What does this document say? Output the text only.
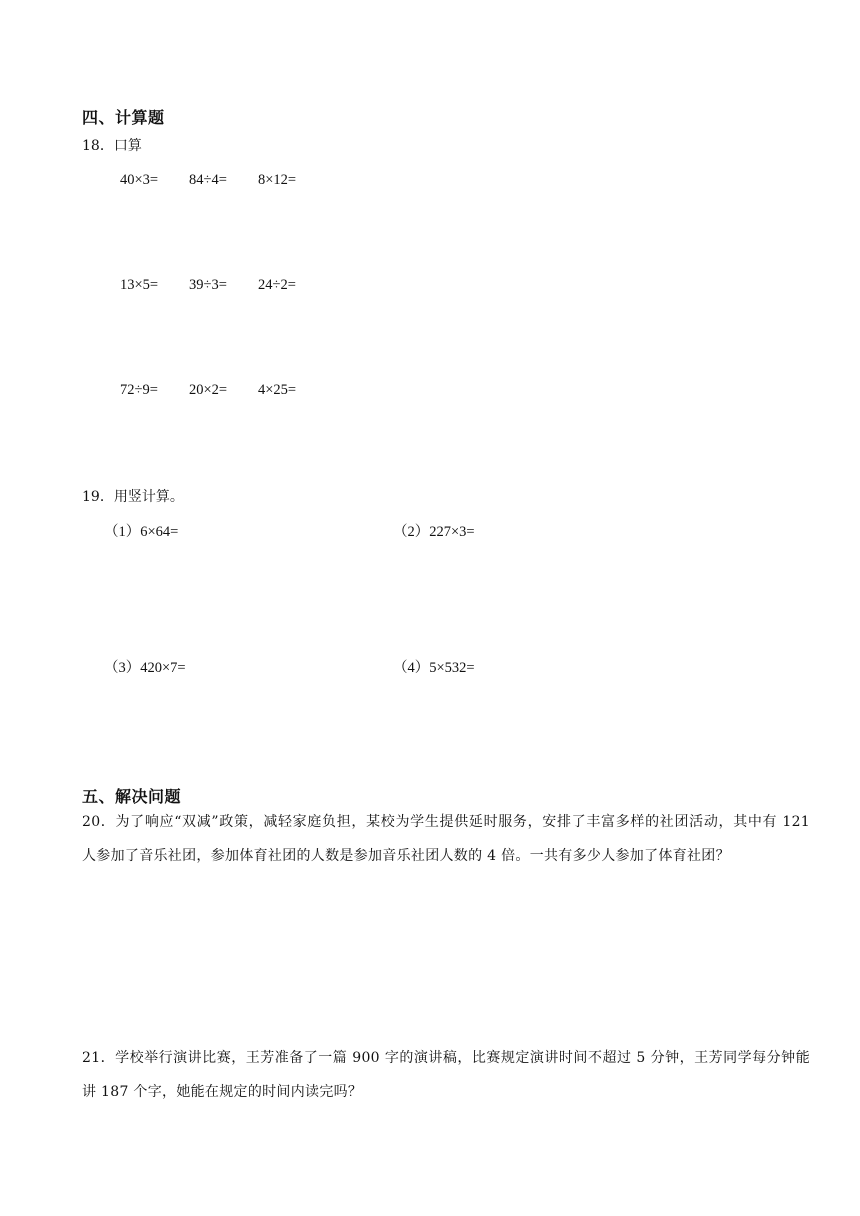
四、计算题
18．口算
40×3= 84÷4= 8×12=
13×5= 39÷3= 24÷2=
72÷9= 20×2= 4×25=
19．用竖计算。
（1）6×64=	（2）227×3=
（3）420×7=	（4）5×532=
五、解决问题
20．为了响应“双减”政策，减轻家庭负担，某校为学生提供延时服务，安排了丰富多样的社团活动，其中有 121 人参加了音乐社团，参加体育社团的人数是参加音乐社团人数的 4 倍。一共有多少人参加了体育社团？
21．学校举行演讲比赛，王芳准备了一篇 900 字的演讲稿，比赛规定演讲时间不超过 5 分钟，王芳同学每分钟能讲 187 个字，她能在规定的时间内读完吗？
